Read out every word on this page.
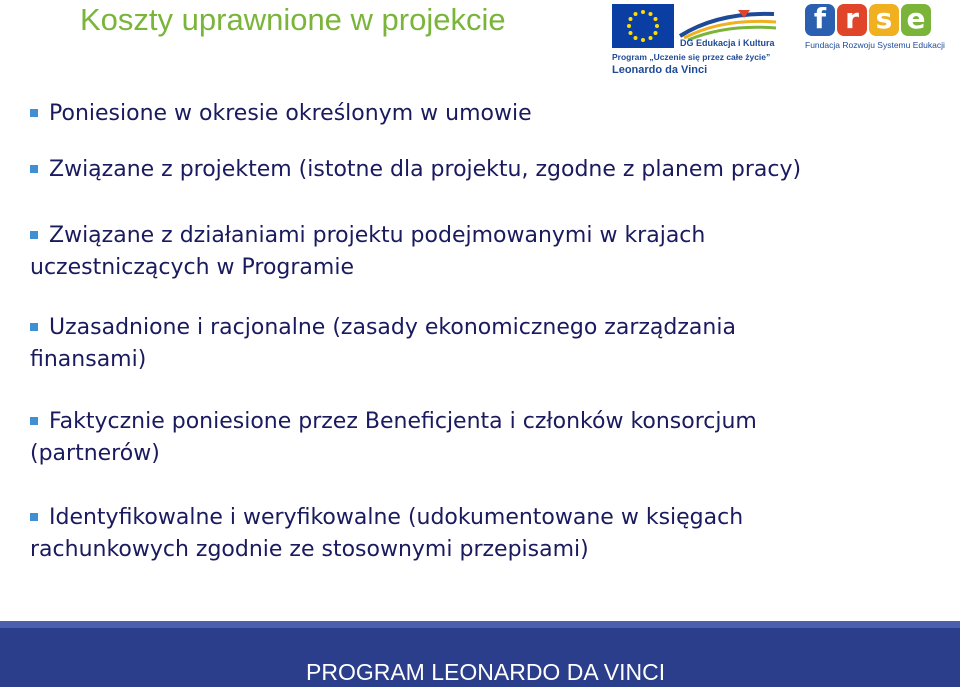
Koszty uprawnione w projekcie
DG Edukacja i Kultura
Program „Uczenie się przez całe życie”
Leonardo da Vinci
f r s e
Fundacja Rozwoju Systemu Edukacji
Poniesione w okresie określonym w umowie
Związane z projektem (istotne dla projektu, zgodne z planem pracy)
Związane z działaniami projektu podejmowanymi w krajach
uczestniczących w Programie
Uzasadnione i racjonalne (zasady ekonomicznego zarządzania
finansami)
Faktycznie poniesione przez Beneficjenta i członków konsorcjum
(partnerów)
Identyfikowalne i weryfikowalne (udokumentowane w księgach
rachunkowych zgodnie ze stosownymi przepisami)
PROGRAM LEONARDO DA VINCI
